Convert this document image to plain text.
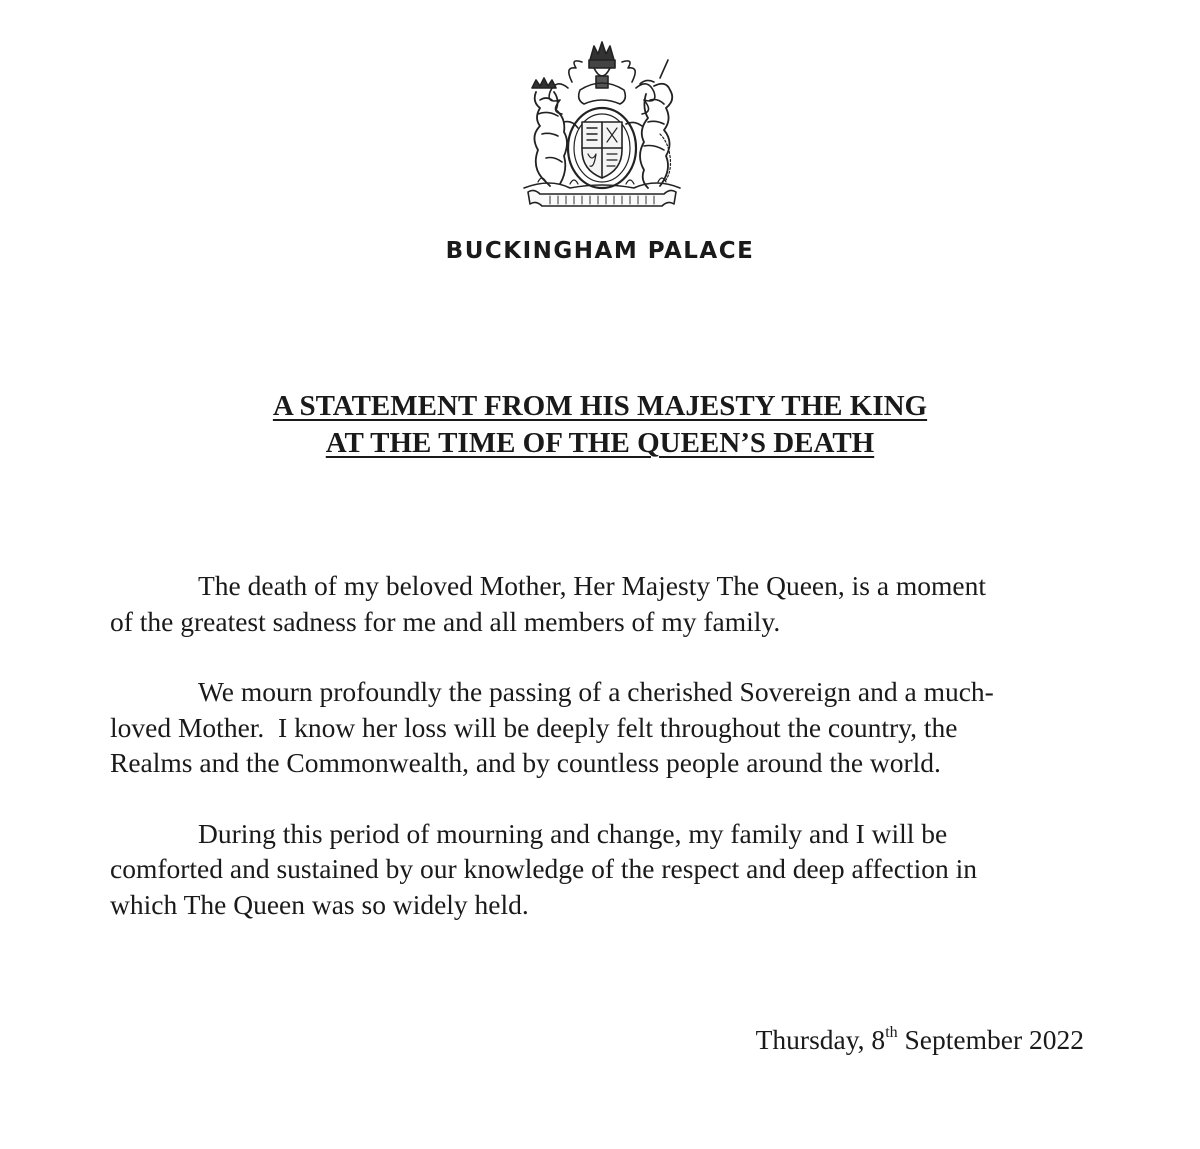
BUCKINGHAM PALACE
A STATEMENT FROM HIS MAJESTY THE KING
AT THE TIME OF THE QUEEN’S DEATH
The death of my beloved Mother, Her Majesty The Queen, is a moment
of the greatest sadness for me and all members of my family.
We mourn profoundly the passing of a cherished Sovereign and a much-
loved Mother.  I know her loss will be deeply felt throughout the country, the
Realms and the Commonwealth, and by countless people around the world.
During this period of mourning and change, my family and I will be
comforted and sustained by our knowledge of the respect and deep affection in
which The Queen was so widely held.
Thursday, 8th September 2022
